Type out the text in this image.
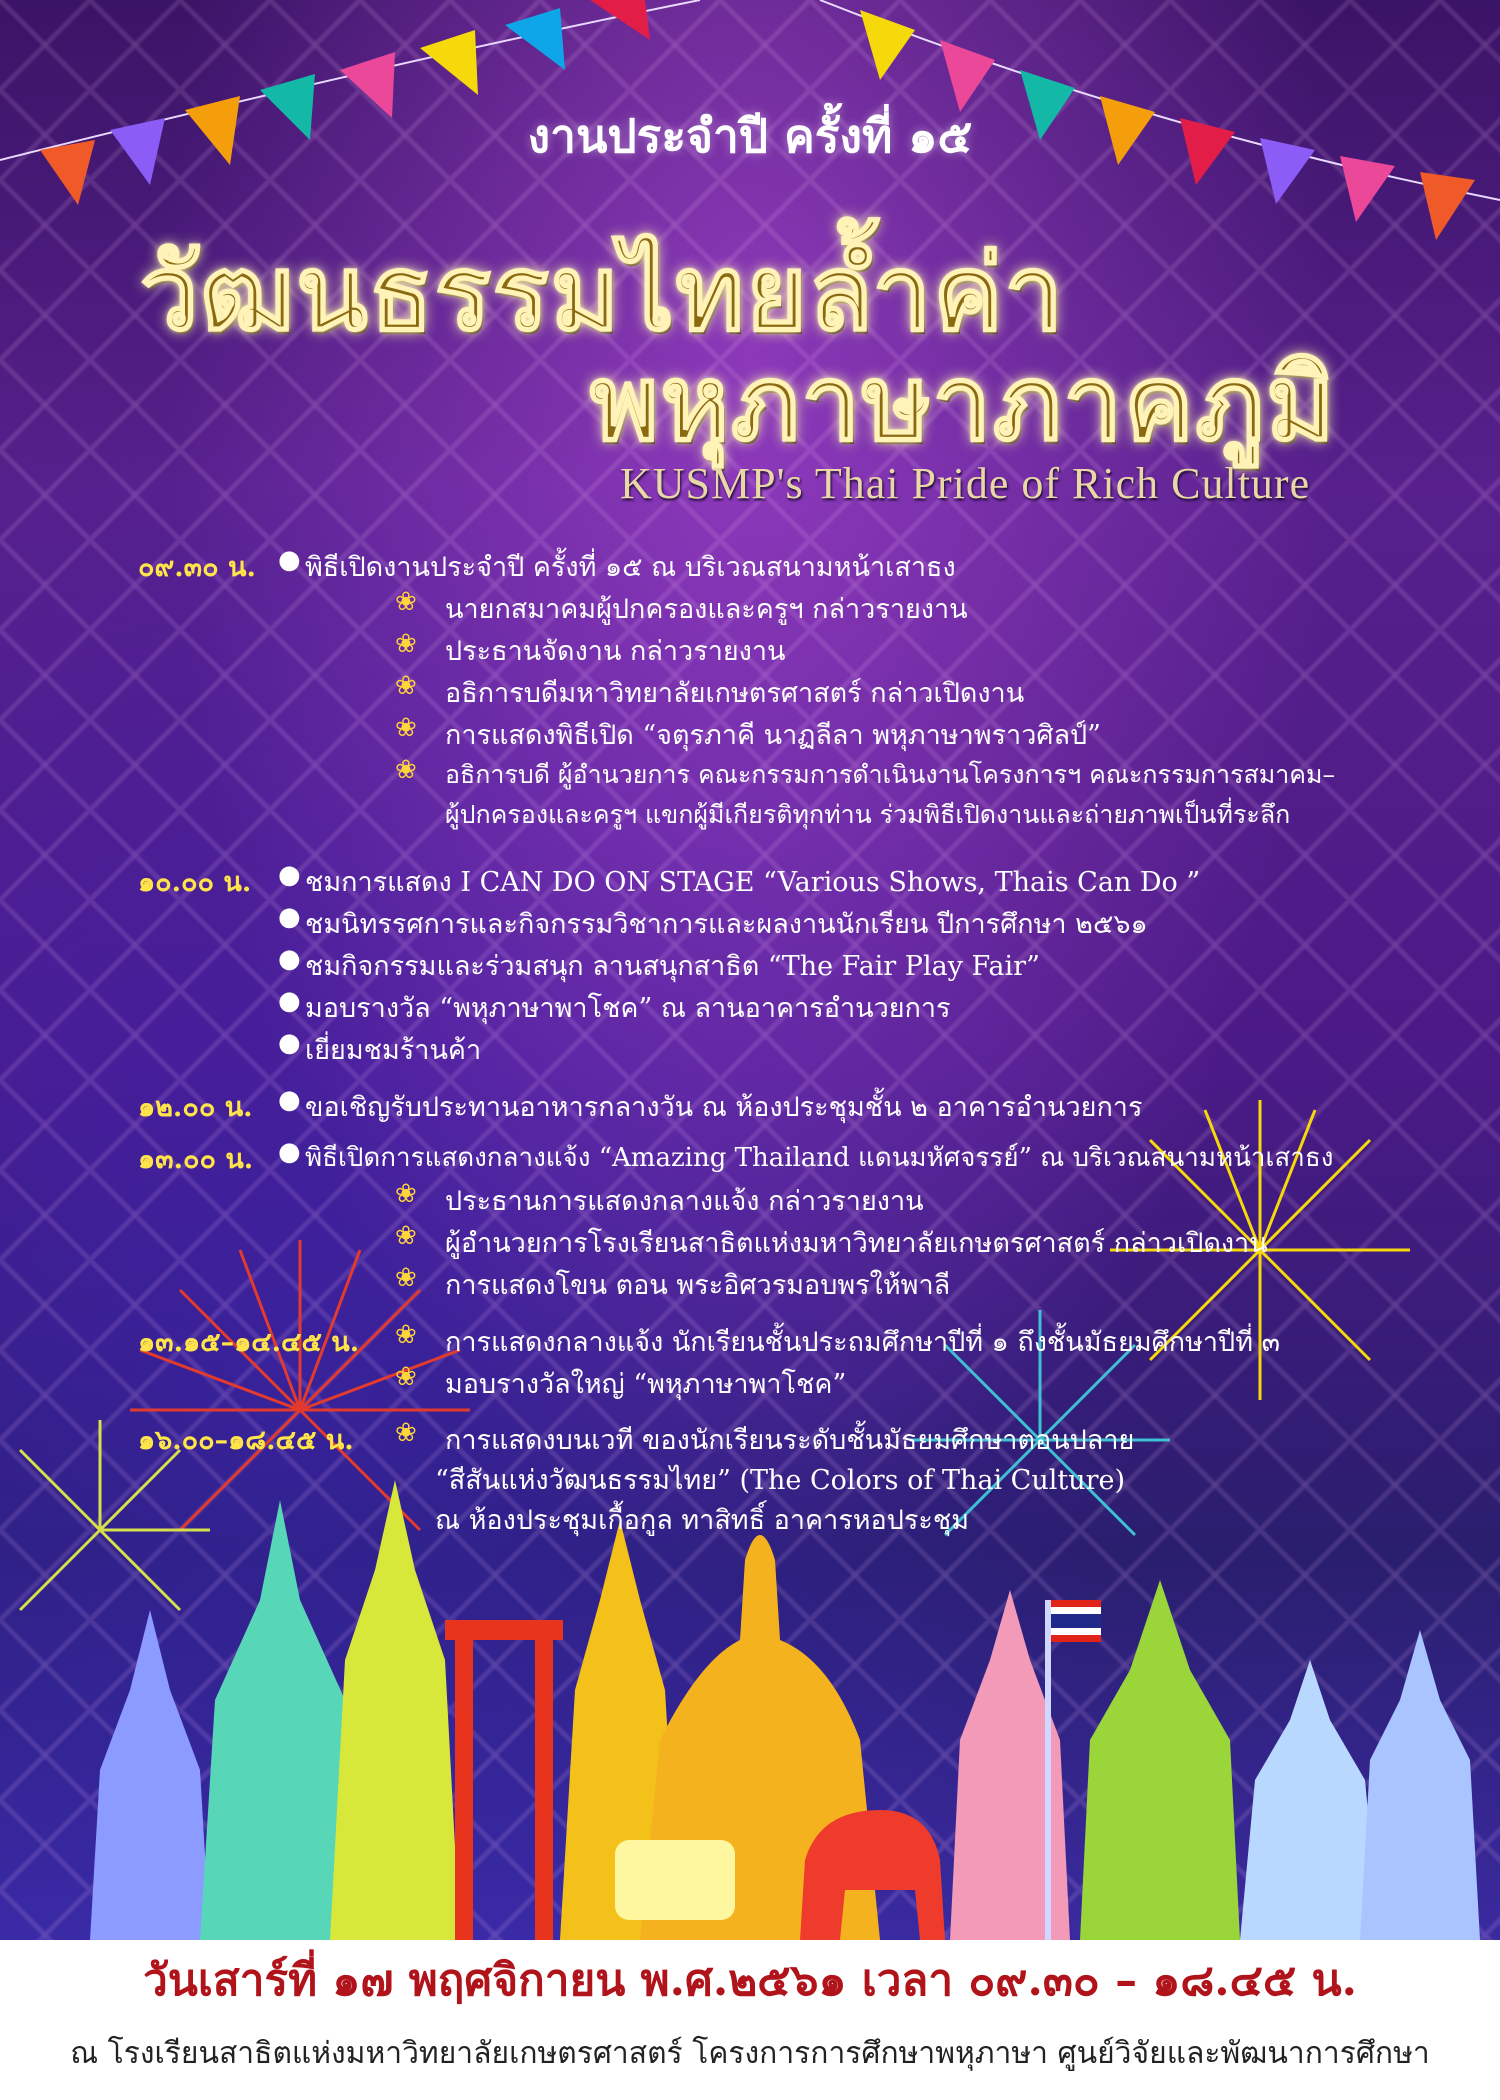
งานประจำปี ครั้งที่ ๑๕
วัฒนธรรมไทยล้ำค่า
พหุภาษาภาคภูมิ
KUSMP's Thai Pride of Rich Culture
๐๙.๓๐ น. ● พิธีเปิดงานประจำปี ครั้งที่ ๑๕ ณ บริเวณสนามหน้าเสาธง
❀ นายกสมาคมผู้ปกครองและครูฯ กล่าวรายงาน
❀ ประธานจัดงาน กล่าวรายงาน
❀ อธิการบดีมหาวิทยาลัยเกษตรศาสตร์ กล่าวเปิดงาน
❀ การแสดงพิธีเปิด “จตุรภาคี นาฏลีลา พหุภาษาพราวศิลป์”
❀ อธิการบดี ผู้อำนวยการ คณะกรรมการดำเนินงานโครงการฯ คณะกรรมการสมาคม–
ผู้ปกครองและครูฯ แขกผู้มีเกียรติทุกท่าน ร่วมพิธีเปิดงานและถ่ายภาพเป็นที่ระลึก
๑๐.๐๐ น. ● ชมการแสดง I CAN DO ON STAGE “Various Shows, Thais Can Do ”
● ชมนิทรรศการและกิจกรรมวิชาการและผลงานนักเรียน ปีการศึกษา ๒๕๖๑
● ชมกิจกรรมและร่วมสนุก ลานสนุกสาธิต “The Fair Play Fair”
● มอบรางวัล “พหุภาษาพาโชค” ณ ลานอาคารอำนวยการ
● เยี่ยมชมร้านค้า
๑๒.๐๐ น. ● ขอเชิญรับประทานอาหารกลางวัน ณ ห้องประชุมชั้น ๒ อาคารอำนวยการ
๑๓.๐๐ น. ● พิธีเปิดการแสดงกลางแจ้ง “Amazing Thailand แดนมหัศจรรย์” ณ บริเวณสนามหน้าเสาธง
❀ ประธานการแสดงกลางแจ้ง กล่าวรายงาน
❀ ผู้อำนวยการโรงเรียนสาธิตแห่งมหาวิทยาลัยเกษตรศาสตร์ กล่าวเปิดงาน
❀ การแสดงโขน ตอน พระอิศวรมอบพรให้พาลี
๑๓.๑๕–๑๔.๔๕ น. ❀ การแสดงกลางแจ้ง นักเรียนชั้นประถมศึกษาปีที่ ๑ ถึงชั้นมัธยมศึกษาปีที่ ๓
❀ มอบรางวัลใหญ่ “พหุภาษาพาโชค”
๑๖.๐๐–๑๘.๔๕ น. ❀ การแสดงบนเวที ของนักเรียนระดับชั้นมัธยมศึกษาตอนปลาย
“สีสันแห่งวัฒนธรรมไทย” (The Colors of Thai Culture)
ณ ห้องประชุมเกื้อกูล ทาสิทธิ์ อาคารหอประชุม
วันเสาร์ที่ ๑๗ พฤศจิกายน พ.ศ.๒๕๖๑ เวลา ๐๙.๓๐ – ๑๘.๔๕ น.
ณ โรงเรียนสาธิตแห่งมหาวิทยาลัยเกษตรศาสตร์ โครงการการศึกษาพหุภาษา ศูนย์วิจัยและพัฒนาการศึกษา
